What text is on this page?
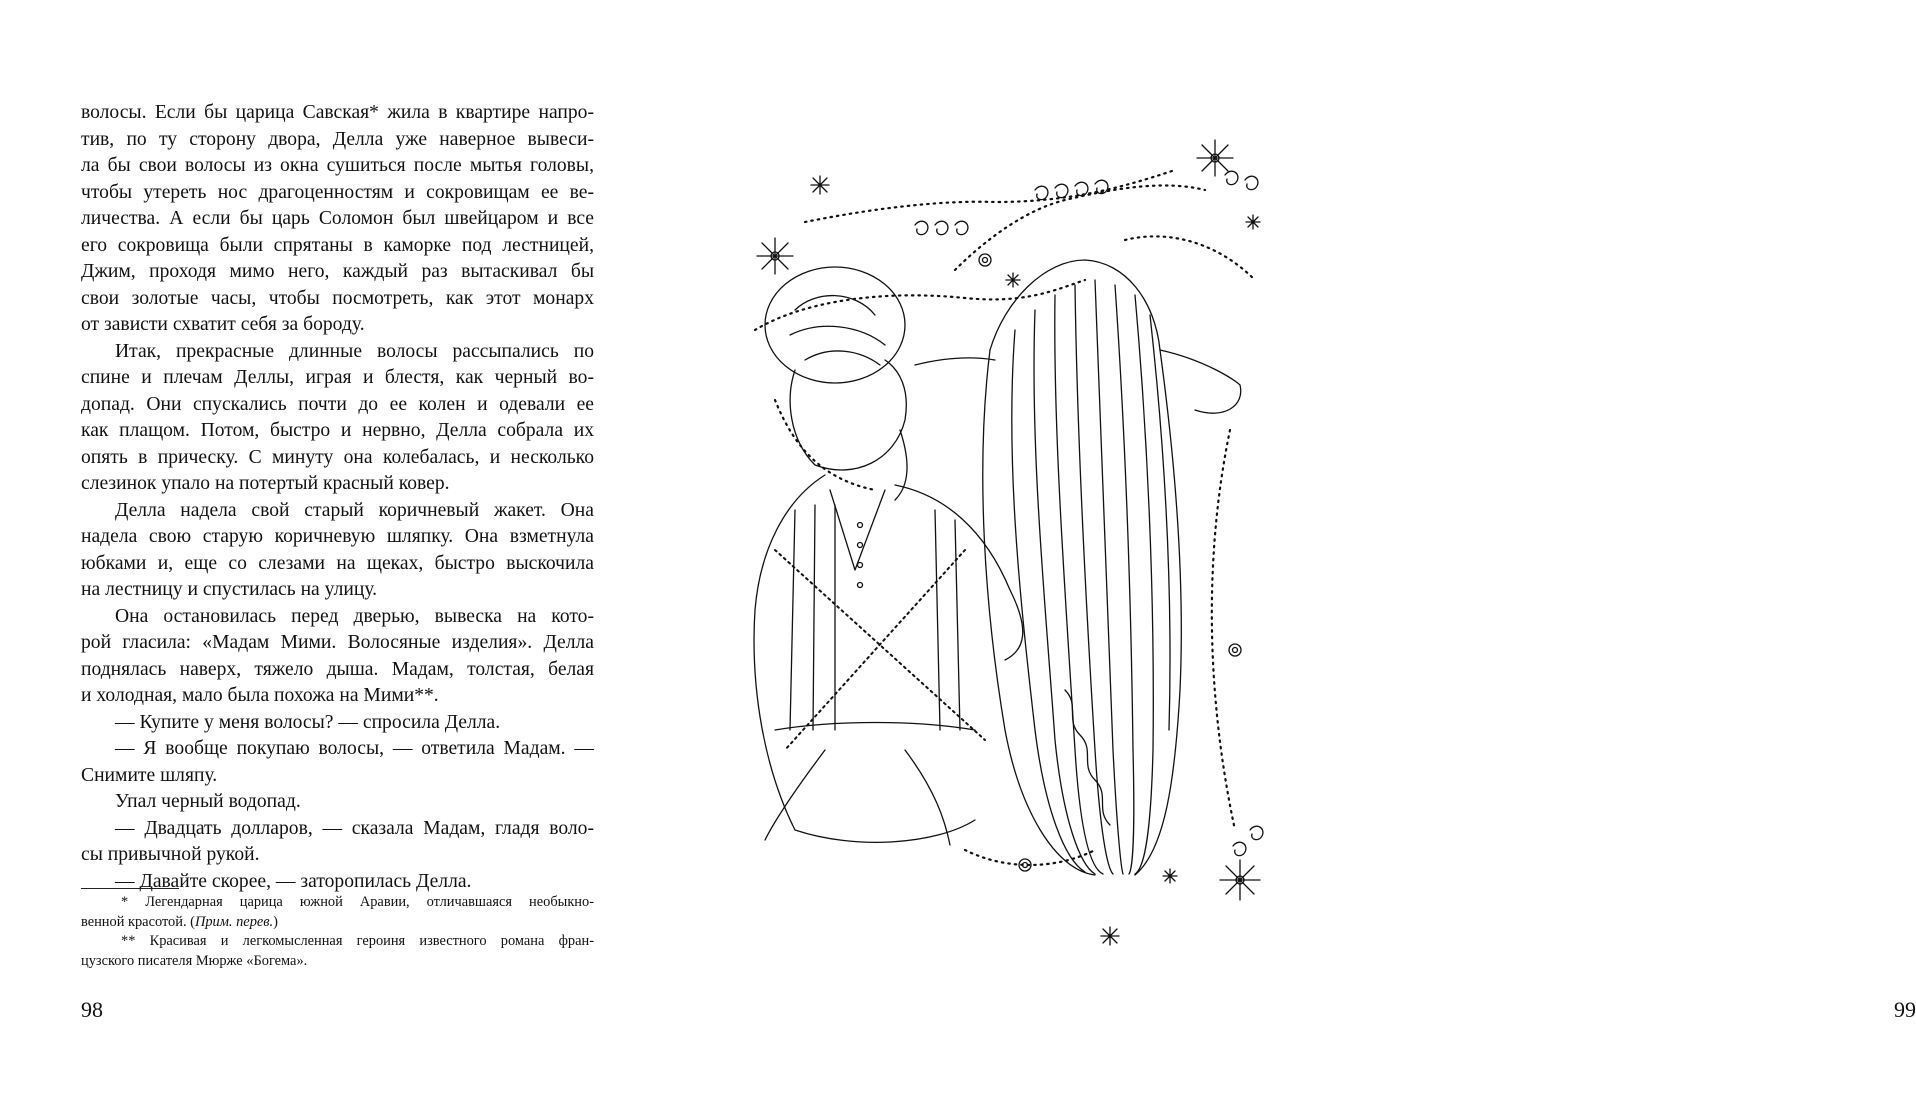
волосы. Если бы царица Савская* жила в квартире напро-
тив, по ту сторону двора, Делла уже наверное вывеси-
ла бы свои волосы из окна сушиться после мытья головы,
чтобы утереть нос драгоценностям и сокровищам ее ве-
личества. А если бы царь Соломон был швейцаром и все
его сокровища были спрятаны в каморке под лестницей,
Джим, проходя мимо него, каждый раз вытаскивал бы
свои золотые часы, чтобы посмотреть, как этот монарх
от зависти схватит себя за бороду.
Итак, прекрасные длинные волосы рассыпались по
спине и плечам Деллы, играя и блестя, как черный во-
допад. Они спускались почти до ее колен и одевали ее
как плащом. Потом, быстро и нервно, Делла собрала их
опять в прическу. С минуту она колебалась, и несколько
слезинок упало на потертый красный ковер.
Делла надела свой старый коричневый жакет. Она
надела свою старую коричневую шляпку. Она взметнула
юбками и, еще со слезами на щеках, быстро выскочила
на лестницу и спустилась на улицу.
Она остановилась перед дверью, вывеска на кото-
рой гласила: «Мадам Мими. Волосяные изделия». Делла
поднялась наверх, тяжело дыша. Мадам, толстая, белая
и холодная, мало была похожа на Мими**.
— Купите у меня волосы? — спросила Делла.
— Я вообще покупаю волосы, — ответила Мадам. —
Снимите шляпу.
Упал черный водопад.
— Двадцать долларов, — сказала Мадам, гладя воло-
сы привычной рукой.
— Давайте скорее, — заторопилась Делла.
* Легендарная царица южной Аравии, отличавшаяся необыкно-
венной красотой. (Прим. перев.)
** Красивая и легкомысленная героиня известного романа фран-
цузского писателя Мюрже «Богема».
98	99
